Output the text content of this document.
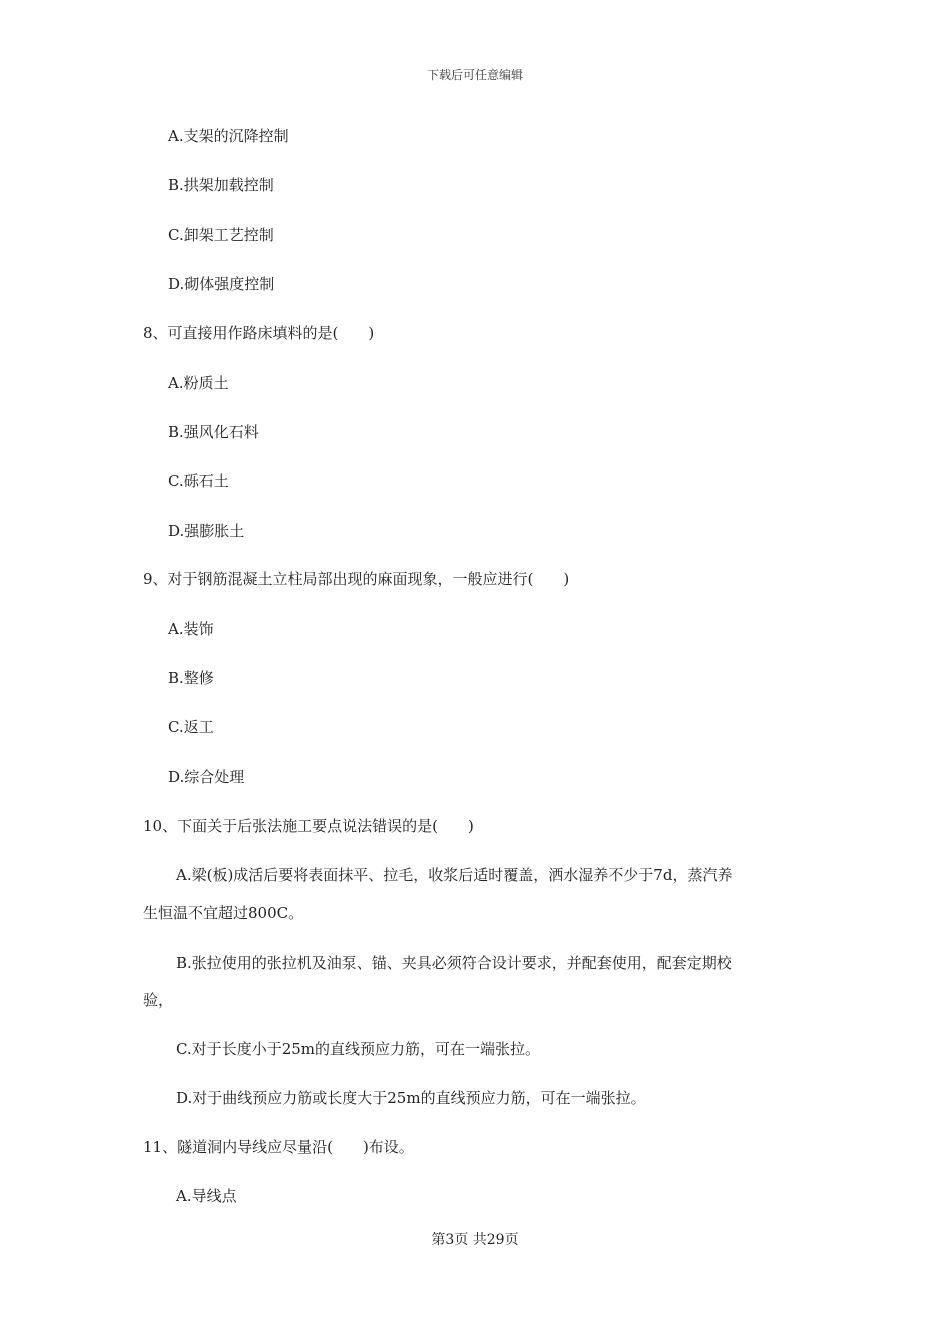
下载后可任意编辑
A.支架的沉降控制
B.拱架加载控制
C.卸架工艺控制
D.砌体强度控制
8、可直接用作路床填料的是(　　)
A.粉质土
B.强风化石料
C.砾石土
D.强膨胀土
9、对于钢筋混凝土立柱局部出现的麻面现象，一般应进行(　　)
A.装饰
B.整修
C.返工
D.综合处理
10、下面关于后张法施工要点说法错误的是(　　)
A.梁(板)成活后要将表面抹平、拉毛，收浆后适时覆盖，洒水湿养不少于7d，蒸汽养
生恒温不宜超过800C。
B.张拉使用的张拉机及油泵、锚、夹具必须符合设计要求，并配套使用，配套定期校
验，
C.对于长度小于25m的直线预应力筋，可在一端张拉。
D.对于曲线预应力筋或长度大于25m的直线预应力筋，可在一端张拉。
11、隧道洞内导线应尽量沿(　　)布设。
A.导线点
第3页 共29页
